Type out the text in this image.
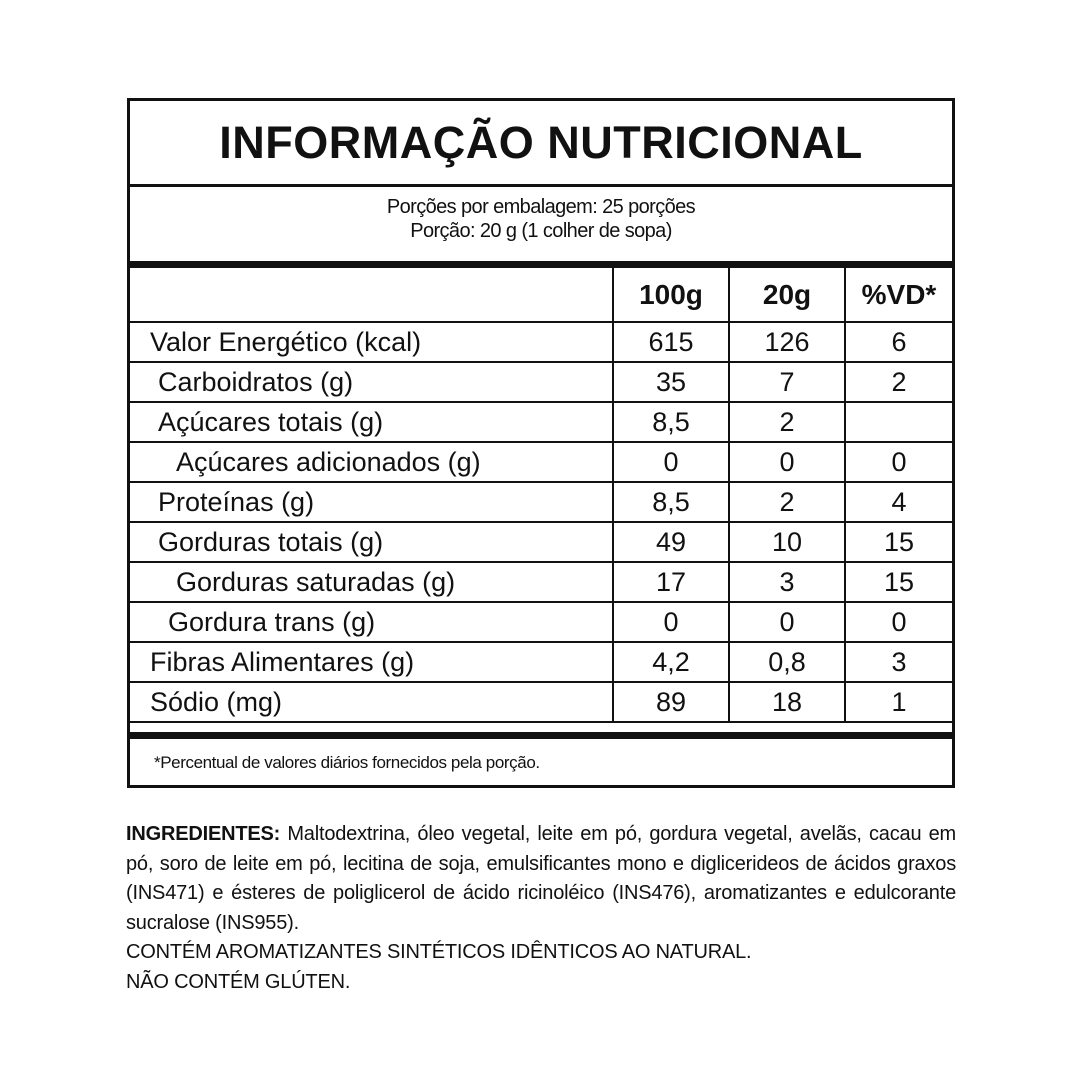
INFORMAÇÃO NUTRICIONAL
Porções por embalagem: 25 porções
Porção: 20 g (1 colher de sopa)
	100g	20g	%VD*
Valor Energético (kcal)	615	126	6
Carboidratos (g)	35	7	2
Açúcares totais (g)	8,5	2	
Açúcares adicionados (g)	0	0	0
Proteínas (g)	8,5	2	4
Gorduras totais (g)	49	10	15
Gorduras saturadas (g)	17	3	15
Gordura trans (g)	0	0	0
Fibras Alimentares (g)	4,2	0,8	3
Sódio (mg)	89	18	1
*Percentual de valores diários fornecidos pela porção.
INGREDIENTES: Maltodextrina, óleo vegetal, leite em pó, gordura vegetal, avelãs, cacau em pó, soro de leite em pó, lecitina de soja, emulsificantes mono e diglicerideos de ácidos graxos (INS471) e ésteres de poliglicerol de ácido ricinoléico (INS476), aromatizantes e edulcorante sucralose (INS955).
CONTÉM AROMATIZANTES SINTÉTICOS IDÊNTICOS AO NATURAL.
NÃO CONTÉM GLÚTEN.
